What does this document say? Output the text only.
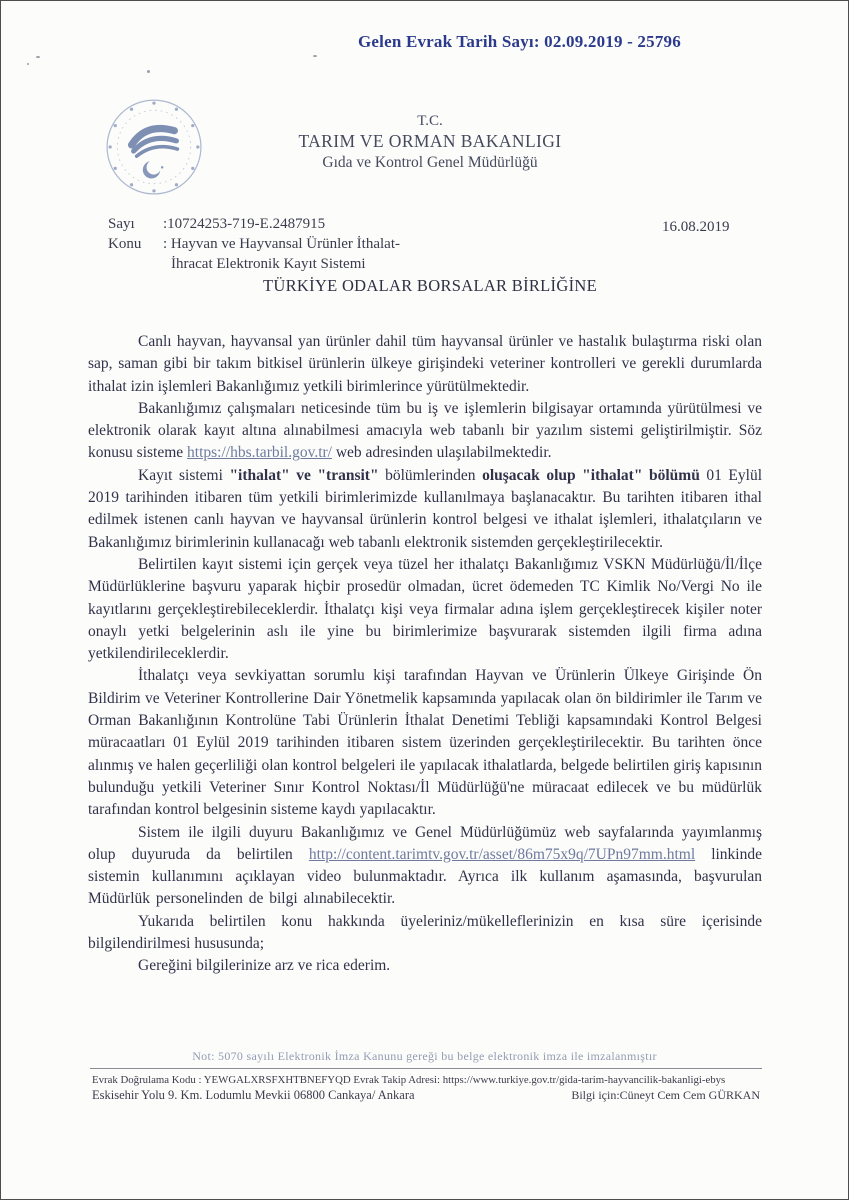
Gelen Evrak Tarih Sayı: 02.09.2019 - 25796
T.C.
TARIM VE ORMAN BAKANLIGI
Gıda ve Kontrol Genel Müdürlüğü
Sayı	:10724253-719-E.2487915
Konu	: Hayvan ve Hayvansal Ürünler İthalat-
İhracat Elektronik Kayıt Sistemi
16.08.2019
TÜRKİYE ODALAR BORSALAR BİRLİĞİNE

Canlı hayvan, hayvansal yan ürünler dahil tüm hayvansal ürünler ve hastalık bulaştırma riski olan sap, saman gibi bir takım bitkisel ürünlerin ülkeye girişindeki veteriner kontrolleri ve gerekli durumlarda ithalat izin işlemleri Bakanlığımız yetkili birimlerince yürütülmektedir.

Bakanlığımız çalışmaları neticesinde tüm bu iş ve işlemlerin bilgisayar ortamında yürütülmesi ve elektronik olarak kayıt altına alınabilmesi amacıyla web tabanlı bir yazılım sistemi geliştirilmiştir. Söz konusu sisteme https://hbs.tarbil.gov.tr/ web adresinden ulaşılabilmektedir.

Kayıt sistemi "ithalat" ve "transit" bölümlerinden oluşacak olup "ithalat" bölümü 01 Eylül 2019 tarihinden itibaren tüm yetkili birimlerimizde kullanılmaya başlanacaktır. Bu tarihten itibaren ithal edilmek istenen canlı hayvan ve hayvansal ürünlerin kontrol belgesi ve ithalat işlemleri, ithalatçıların ve Bakanlığımız birimlerinin kullanacağı web tabanlı elektronik sistemden gerçekleştirilecektir.

Belirtilen kayıt sistemi için gerçek veya tüzel her ithalatçı Bakanlığımız VSKN Müdürlüğü/İl/İlçe Müdürlüklerine başvuru yaparak hiçbir prosedür olmadan, ücret ödemeden TC Kimlik No/Vergi No ile kayıtlarını gerçekleştirebileceklerdir. İthalatçı kişi veya firmalar adına işlem gerçekleştirecek kişiler noter onaylı yetki belgelerinin aslı ile yine bu birimlerimize başvurarak sistemden ilgili firma adına yetkilendirileceklerdir.

İthalatçı veya sevkiyattan sorumlu kişi tarafından Hayvan ve Ürünlerin Ülkeye Girişinde Ön Bildirim ve Veteriner Kontrollerine Dair Yönetmelik kapsamında yapılacak olan ön bildirimler ile Tarım ve Orman Bakanlığının Kontrolüne Tabi Ürünlerin İthalat Denetimi Tebliği kapsamındaki Kontrol Belgesi müracaatları 01 Eylül 2019 tarihinden itibaren sistem üzerinden gerçekleştirilecektir. Bu tarihten önce alınmış ve halen geçerliliği olan kontrol belgeleri ile yapılacak ithalatlarda, belgede belirtilen giriş kapısının bulunduğu yetkili Veteriner Sınır Kontrol Noktası/İl Müdürlüğü'ne müracaat edilecek ve bu müdürlük tarafından kontrol belgesinin sisteme kaydı yapılacaktır.

Sistem ile ilgili duyuru Bakanlığımız ve Genel Müdürlüğümüz web sayfalarında yayımlanmış olup duyuruda da belirtilen http://content.tarimtv.gov.tr/asset/86m75x9q/7UPn97mm.html linkinde sistemin kullanımını açıklayan video bulunmaktadır. Ayrıca ilk kullanım aşamasında, başvurulan Müdürlük personelinden de bilgi alınabilecektir.

Yukarıda belirtilen konu hakkında üyeleriniz/mükelleflerinizin en kısa süre içerisinde bilgilendirilmesi hususunda;

Gereğini bilgilerinize arz ve rica ederim.

Not: 5070 sayılı Elektronik İmza Kanunu gereği bu belge elektronik imza ile imzalanmıştır
Evrak Doğrulama Kodu : YEWGALXRSFXHTBNEFYQD Evrak Takip Adresi: https://www.turkiye.gov.tr/gida-tarim-hayvancilik-bakanligi-ebys
Eskisehir Yolu 9. Km. Lodumlu Mevkii 06800 Cankaya/ Ankara	Bilgi için:Cüneyt Cem Cem GÜRKAN
